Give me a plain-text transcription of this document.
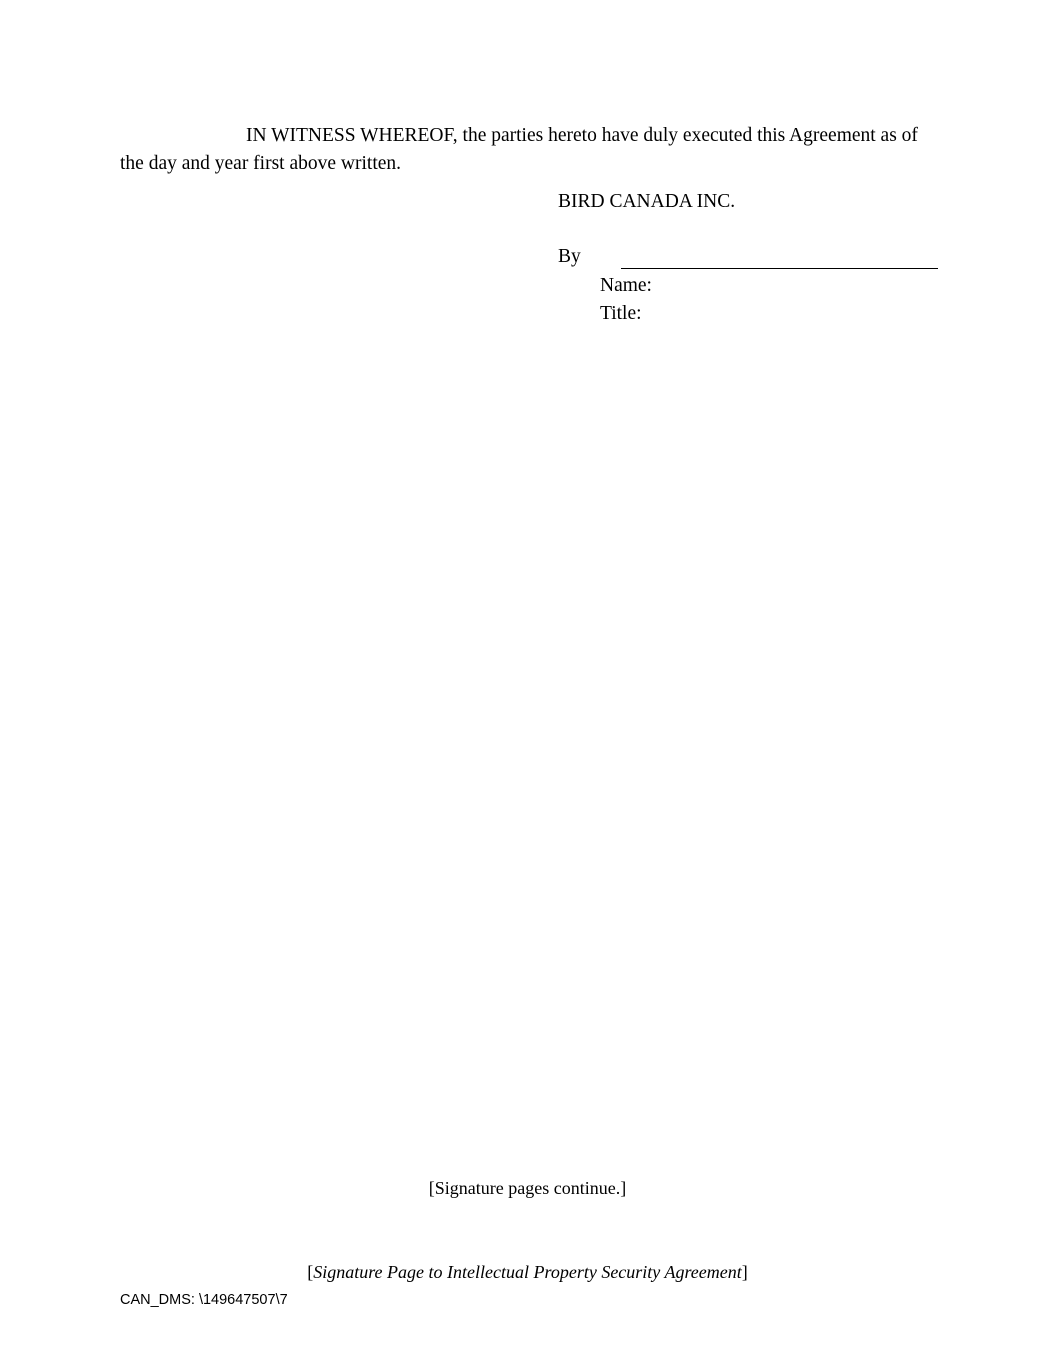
IN WITNESS WHEREOF, the parties hereto have duly executed this Agreement as of the day and year first above written.

BIRD CANADA INC.

By
Name:
Title:
[Signature pages continue.]
[Signature Page to Intellectual Property Security Agreement]
CAN_DMS: \149647507\7
